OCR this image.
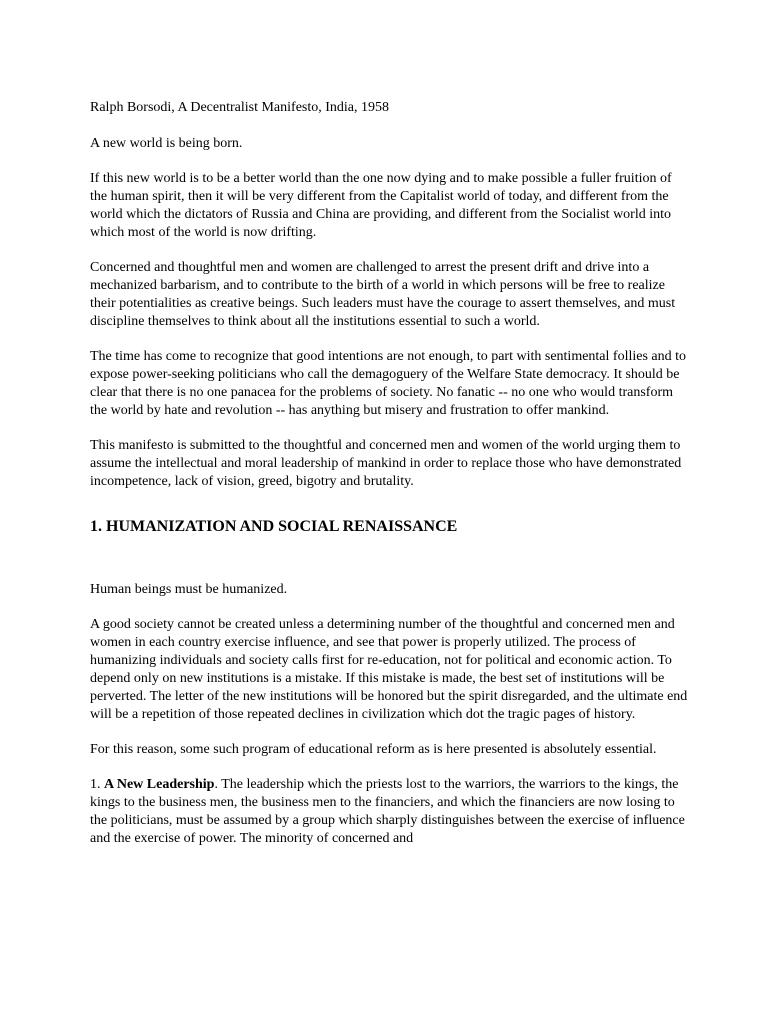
Ralph Borsodi, A Decentralist Manifesto, India, 1958

A new world is being born.

If this new world is to be a better world than the one now dying and to make possible a fuller fruition of the human spirit, then it will be very different from the Capitalist world of today, and different from the world which the dictators of Russia and China are providing, and different from the Socialist world into which most of the world is now drifting.

Concerned and thoughtful men and women are challenged to arrest the present drift and drive into a mechanized barbarism, and to contribute to the birth of a world in which persons will be free to realize their potentialities as creative beings. Such leaders must have the courage to assert themselves, and must discipline themselves to think about all the institutions essential to such a world.

The time has come to recognize that good intentions are not enough, to part with sentimental follies and to expose power-seeking politicians who call the demagoguery of the Welfare State democracy. It should be clear that there is no one panacea for the problems of society. No fanatic -- no one who would transform the world by hate and revolution -- has anything but misery and frustration to offer mankind.

This manifesto is submitted to the thoughtful and concerned men and women of the world urging them to assume the intellectual and moral leadership of mankind in order to replace those who have demonstrated incompetence, lack of vision, greed, bigotry and brutality.

1. HUMANIZATION AND SOCIAL RENAISSANCE

Human beings must be humanized.

A good society cannot be created unless a determining number of the thoughtful and concerned men and women in each country exercise influence, and see that power is properly utilized. The process of humanizing individuals and society calls first for re-education, not for political and economic action. To depend only on new institutions is a mistake. If this mistake is made, the best set of institutions will be perverted. The letter of the new institutions will be honored but the spirit disregarded, and the ultimate end will be a repetition of those repeated declines in civilization which dot the tragic pages of history.

For this reason, some such program of educational reform as is here presented is absolutely essential.

1. A New Leadership. The leadership which the priests lost to the warriors, the warriors to the kings, the kings to the business men, the business men to the financiers, and which the financiers are now losing to the politicians, must be assumed by a group which sharply distinguishes between the exercise of influence and the exercise of power. The minority of concerned and
